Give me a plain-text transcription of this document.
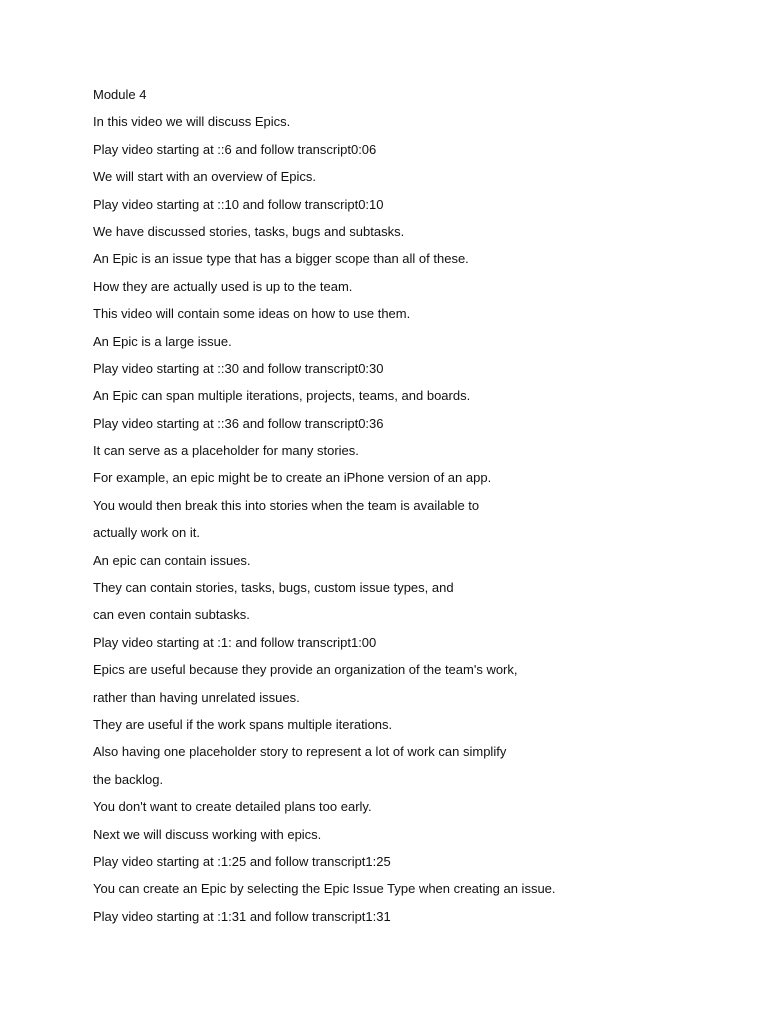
Module 4
In this video we will discuss Epics.
Play video starting at ::6 and follow transcript0:06
We will start with an overview of Epics.
Play video starting at ::10 and follow transcript0:10
We have discussed stories, tasks, bugs and subtasks.
An Epic is an issue type that has a bigger scope than all of these.
How they are actually used is up to the team.
This video will contain some ideas on how to use them.
An Epic is a large issue.
Play video starting at ::30 and follow transcript0:30
An Epic can span multiple iterations, projects, teams, and boards.
Play video starting at ::36 and follow transcript0:36
It can serve as a placeholder for many stories.
For example, an epic might be to create an iPhone version of an app.
You would then break this into stories when the team is available to
actually work on it.
An epic can contain issues.
They can contain stories, tasks, bugs, custom issue types, and
can even contain subtasks.
Play video starting at :1: and follow transcript1:00
Epics are useful because they provide an organization of the team's work,
rather than having unrelated issues.
They are useful if the work spans multiple iterations.
Also having one placeholder story to represent a lot of work can simplify
the backlog.
You don't want to create detailed plans too early.
Next we will discuss working with epics.
Play video starting at :1:25 and follow transcript1:25
You can create an Epic by selecting the Epic Issue Type when creating an issue.
Play video starting at :1:31 and follow transcript1:31
